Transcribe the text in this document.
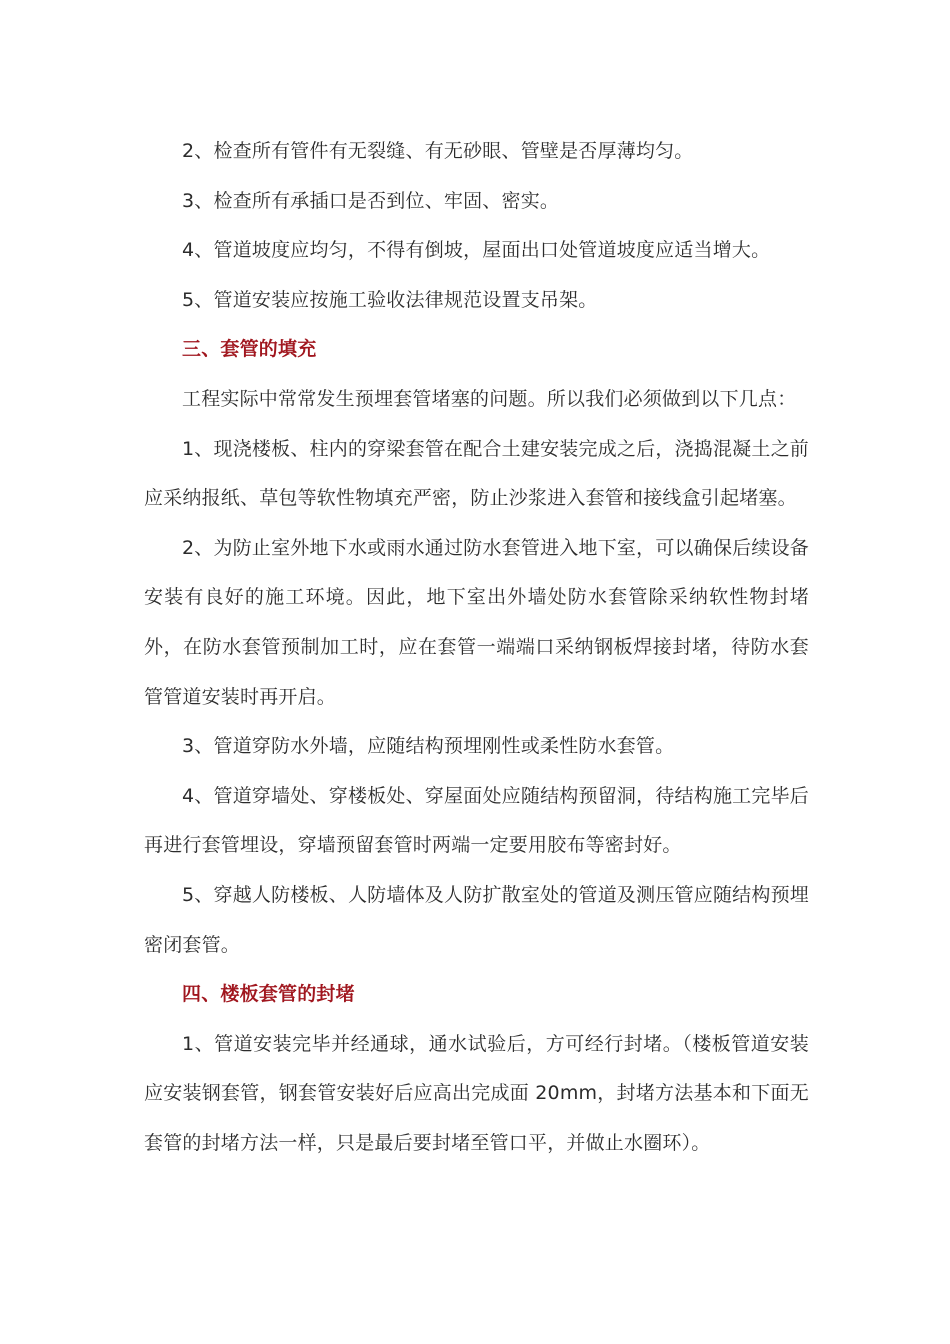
2、检查所有管件有无裂缝、有无砂眼、管壁是否厚薄均匀。

3、检查所有承插口是否到位、牢固、密实。

4、管道坡度应均匀，不得有倒坡，屋面出口处管道坡度应适当增大。

5、管道安装应按施工验收法律规范设置支吊架。

三、套管的填充

工程实际中常常发生预埋套管堵塞的问题。所以我们必须做到以下几点：

1、现浇楼板、柱内的穿梁套管在配合土建安装完成之后，浇捣混凝土之前应采纳报纸、草包等软性物填充严密，防止沙浆进入套管和接线盒引起堵塞。

2、为防止室外地下水或雨水通过防水套管进入地下室，可以确保后续设备安装有良好的施工环境。因此，地下室出外墙处防水套管除采纳软性物封堵外，在防水套管预制加工时，应在套管一端端口采纳钢板焊接封堵，待防水套管管道安装时再开启。

3、管道穿防水外墙，应随结构预埋刚性或柔性防水套管。

4、管道穿墙处、穿楼板处、穿屋面处应随结构预留洞，待结构施工完毕后再进行套管埋设，穿墙预留套管时两端一定要用胶布等密封好。

5、穿越人防楼板、人防墙体及人防扩散室处的管道及测压管应随结构预埋密闭套管。

四、楼板套管的封堵

1、管道安装完毕并经通球，通水试验后，方可经行封堵。（楼板管道安装应安装钢套管，钢套管安装好后应高出完成面 20mm，封堵方法基本和下面无套管的封堵方法一样，只是最后要封堵至管口平，并做止水圈环）。
